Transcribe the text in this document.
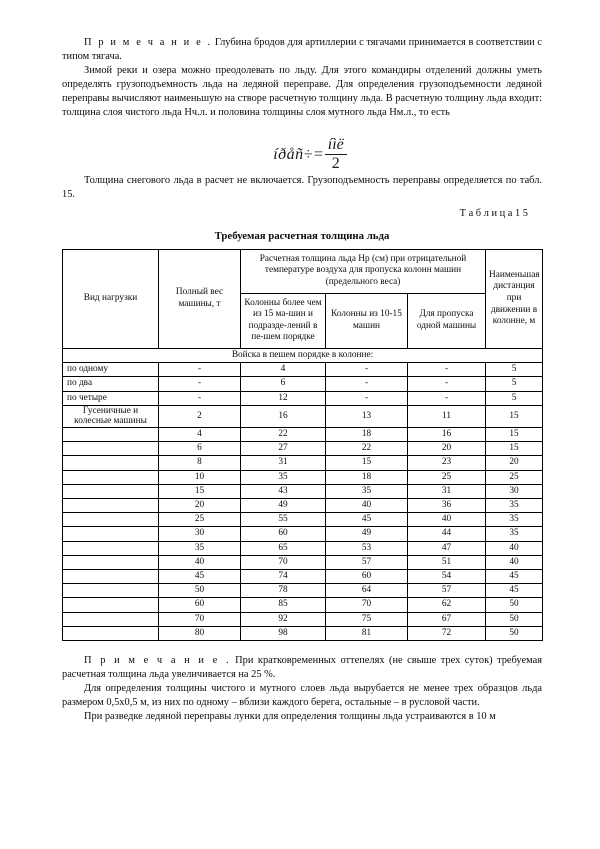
П р и м е ч а н и е . Глубина бродов для артиллерии с тягачами принимается в соответствии с типом тягача.

Зимой реки и озера можно преодолевать по льду. Для этого командиры отделений должны уметь определять грузоподъемность льда на ледяной переправе. Для определения грузоподъемности ледяной переправы вычисляют наименьшую на створе расчетную толщину льда. В расчетную толщину льда входит: толщина слоя чистого льда Нч.л. и половина толщины слоя мутного льда Нм.л., то есть

íðåñ÷= $\frac{\text{íìë}}{2}$

Толщина снегового льда в расчет не включается. Грузоподъемность переправы определяется по табл. 15.

Т а б л и ц а 1 5

Требуемая расчетная толщина льда

Вид нагрузки	Полный вес машины, т	Расчетная толщина льда Нр (см) при отрицательной температуре воздуха для пропуска колонн машин (предельного веса)			Наименьшая дистанция при движении в колонне, м
		Колонны более чем из 15 ма-шин и подразде-лений в пе-шем порядке	Колонны из 10-15 машин	Для пропуска одной машины	
Войска в пешем порядке в колонне:					
по одному	-	4	-	-	5
по два	-	6	-	-	5
по четыре	-	12	-	-	5
Гусеничные и колесные машины	2	16	13	11	15
	4	22	18	16	15
	6	27	22	20	15
	8	31	15	23	20
	10	35	18	25	25
	15	43	35	31	30
	20	49	40	36	35
	25	55	45	40	35
	30	60	49	44	35
	35	65	53	47	40
	40	70	57	51	40
	45	74	60	54	45
	50	78	64	57	45
	60	85	70	62	50
	70	92	75	67	50
	80	98	81	72	50

П р и м е ч а н и е . При кратковременных оттепелях (не свыше трех суток) требуемая расчетная толщина льда увеличивается на 25 %.

Для определения толщины чистого и мутного слоев льда вырубается не менее трех образцов льда размером 0,5х0,5 м, из них по одному – вблизи каждого берега, остальные – в русловой части.

При разведке ледяной переправы лунки для определения толщины льда устраиваются в 10 м
